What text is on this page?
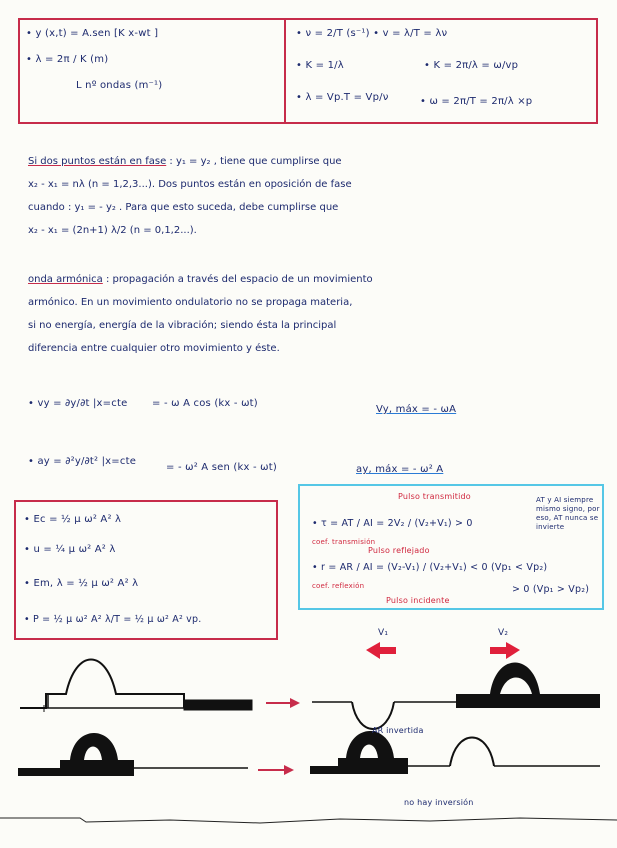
• y (x,t) = A.sen [K x-wt ]
• λ = 2π / K (m)
L nº ondas (m⁻¹)
• ν = 2/T (s⁻¹) • v = λ/T = λν
• K = 1/λ	• K = 2π/λ = ω/vp
• λ = Vp.T = Vp/ν	• ω = 2π/T = 2π/λ ×p
Si dos puntos están en fase : y₁ = y₂ , tiene que cumplirse que
x₂ - x₁ = nλ (n = 1,2,3...). Dos puntos están en oposición de fase
cuando : y₁ = - y₂ . Para que esto suceda, debe cumplirse que
x₂ - x₁ = (2n+1) λ/2 (n = 0,1,2...).
onda armónica : propagación a través del espacio de un movimiento
armónico. En un movimiento ondulatorio no se propaga materia,
si no energía, energía de la vibración; siendo ésta la principal
diferencia entre cualquier otro movimiento y éste.
• vy = ∂y/∂t |x=cte = - ω A cos (kx - ωt)
Vy, máx = - ωA
• ay = ∂²y/∂t² |x=cte
= - ω² A sen (kx - ωt)	ay, máx = - ω² A
• Ec = ½ μ ω² A² λ
• u = ¼ μ ω² A² λ
• Em, λ = ½ μ ω² A² λ
• P = ½ μ ω² A² λ/T = ½ μ ω² A² vp.
Pulso transmitido
• τ = AT / AI = 2V₂ / (V₂+V₁) > 0
coef. transmisión
AT y AI siempre mismo signo, por eso, AT nunca se invierte
Pulso reflejado
• r = AR / AI = (V₂-V₁) / (V₂+V₁) < 0 (Vp₁ < Vp₂)
> 0 (Vp₁ > Vp₂)
coef. reflexión
Pulso incidente
V₁	V₂
AR invertida
no hay inversión
